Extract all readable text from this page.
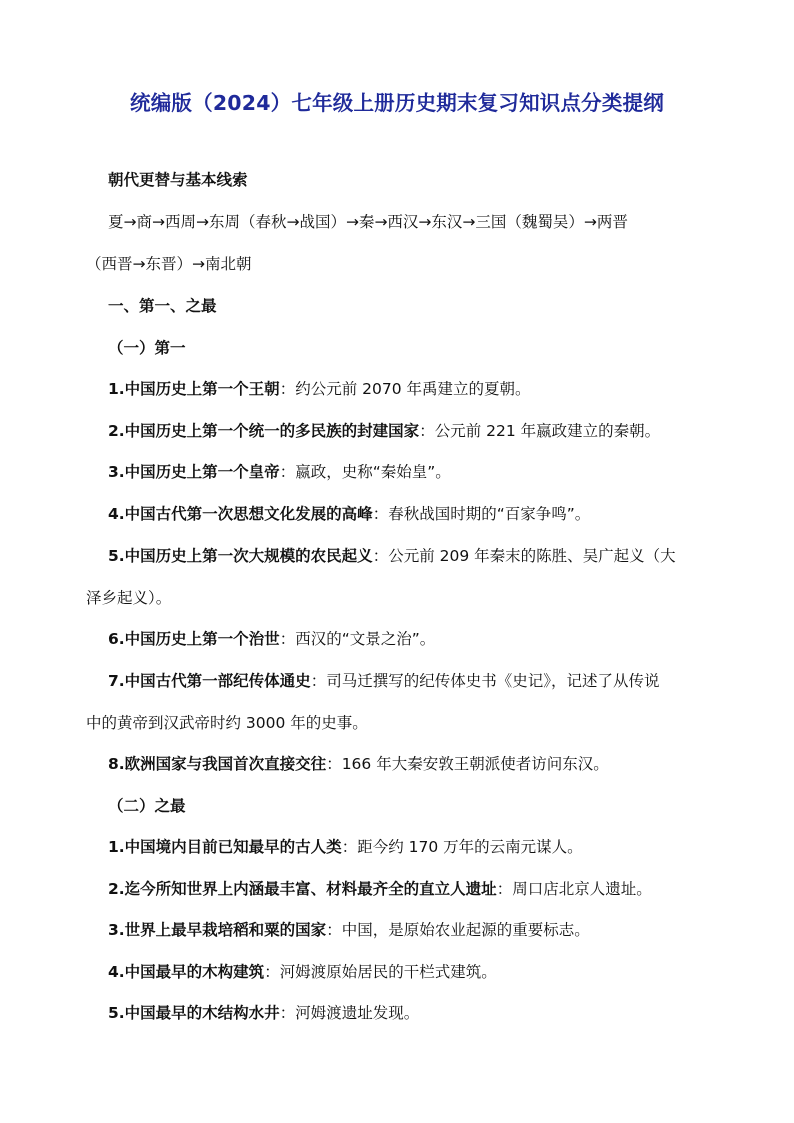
统编版（2024）七年级上册历史期末复习知识点分类提纲
朝代更替与基本线索
夏→商→西周→东周（春秋→战国）→秦→西汉→东汉→三国（魏蜀吴）→两晋
（西晋→东晋）→南北朝
一、第一、之最
（一）第一
1.中国历史上第一个王朝：约公元前 2070 年禹建立的夏朝。
2.中国历史上第一个统一的多民族的封建国家：公元前 221 年嬴政建立的秦朝。
3.中国历史上第一个皇帝：嬴政，史称“秦始皇”。
4.中国古代第一次思想文化发展的高峰：春秋战国时期的“百家争鸣”。
5.中国历史上第一次大规模的农民起义：公元前 209 年秦末的陈胜、吴广起义（大
泽乡起义）。
6.中国历史上第一个治世：西汉的“文景之治”。
7.中国古代第一部纪传体通史：司马迁撰写的纪传体史书《史记》，记述了从传说
中的黄帝到汉武帝时约 3000 年的史事。
8.欧洲国家与我国首次直接交往：166 年大秦安敦王朝派使者访问东汉。
（二）之最
1.中国境内目前已知最早的古人类：距今约 170 万年的云南元谋人。
2.迄今所知世界上内涵最丰富、材料最齐全的直立人遗址：周口店北京人遗址。
3.世界上最早栽培稻和粟的国家：中国，是原始农业起源的重要标志。
4.中国最早的木构建筑：河姆渡原始居民的干栏式建筑。
5.中国最早的木结构水井：河姆渡遗址发现。
